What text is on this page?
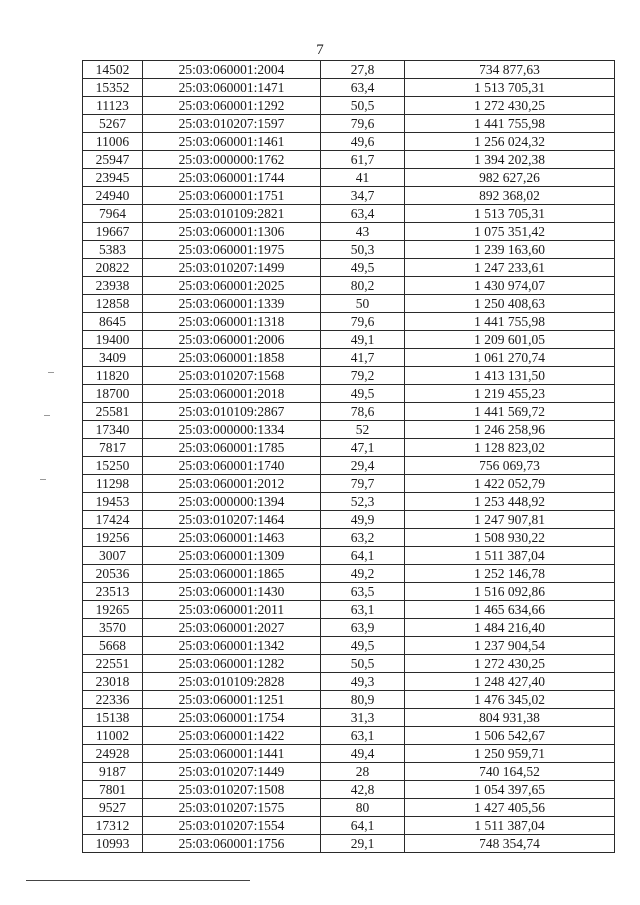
7
14502	25:03:060001:2004	27,8	734 877,63
15352	25:03:060001:1471	63,4	1 513 705,31
11123	25:03:060001:1292	50,5	1 272 430,25
5267	25:03:010207:1597	79,6	1 441 755,98
11006	25:03:060001:1461	49,6	1 256 024,32
25947	25:03:000000:1762	61,7	1 394 202,38
23945	25:03:060001:1744	41	982 627,26
24940	25:03:060001:1751	34,7	892 368,02
7964	25:03:010109:2821	63,4	1 513 705,31
19667	25:03:060001:1306	43	1 075 351,42
5383	25:03:060001:1975	50,3	1 239 163,60
20822	25:03:010207:1499	49,5	1 247 233,61
23938	25:03:060001:2025	80,2	1 430 974,07
12858	25:03:060001:1339	50	1 250 408,63
8645	25:03:060001:1318	79,6	1 441 755,98
19400	25:03:060001:2006	49,1	1 209 601,05
3409	25:03:060001:1858	41,7	1 061 270,74
11820	25:03:010207:1568	79,2	1 413 131,50
18700	25:03:060001:2018	49,5	1 219 455,23
25581	25:03:010109:2867	78,6	1 441 569,72
17340	25:03:000000:1334	52	1 246 258,96
7817	25:03:060001:1785	47,1	1 128 823,02
15250	25:03:060001:1740	29,4	756 069,73
11298	25:03:060001:2012	79,7	1 422 052,79
19453	25:03:000000:1394	52,3	1 253 448,92
17424	25:03:010207:1464	49,9	1 247 907,81
19256	25:03:060001:1463	63,2	1 508 930,22
3007	25:03:060001:1309	64,1	1 511 387,04
20536	25:03:060001:1865	49,2	1 252 146,78
23513	25:03:060001:1430	63,5	1 516 092,86
19265	25:03:060001:2011	63,1	1 465 634,66
3570	25:03:060001:2027	63,9	1 484 216,40
5668	25:03:060001:1342	49,5	1 237 904,54
22551	25:03:060001:1282	50,5	1 272 430,25
23018	25:03:010109:2828	49,3	1 248 427,40
22336	25:03:060001:1251	80,9	1 476 345,02
15138	25:03:060001:1754	31,3	804 931,38
11002	25:03:060001:1422	63,1	1 506 542,67
24928	25:03:060001:1441	49,4	1 250 959,71
9187	25:03:010207:1449	28	740 164,52
7801	25:03:010207:1508	42,8	1 054 397,65
9527	25:03:010207:1575	80	1 427 405,56
17312	25:03:010207:1554	64,1	1 511 387,04
10993	25:03:060001:1756	29,1	748 354,74
